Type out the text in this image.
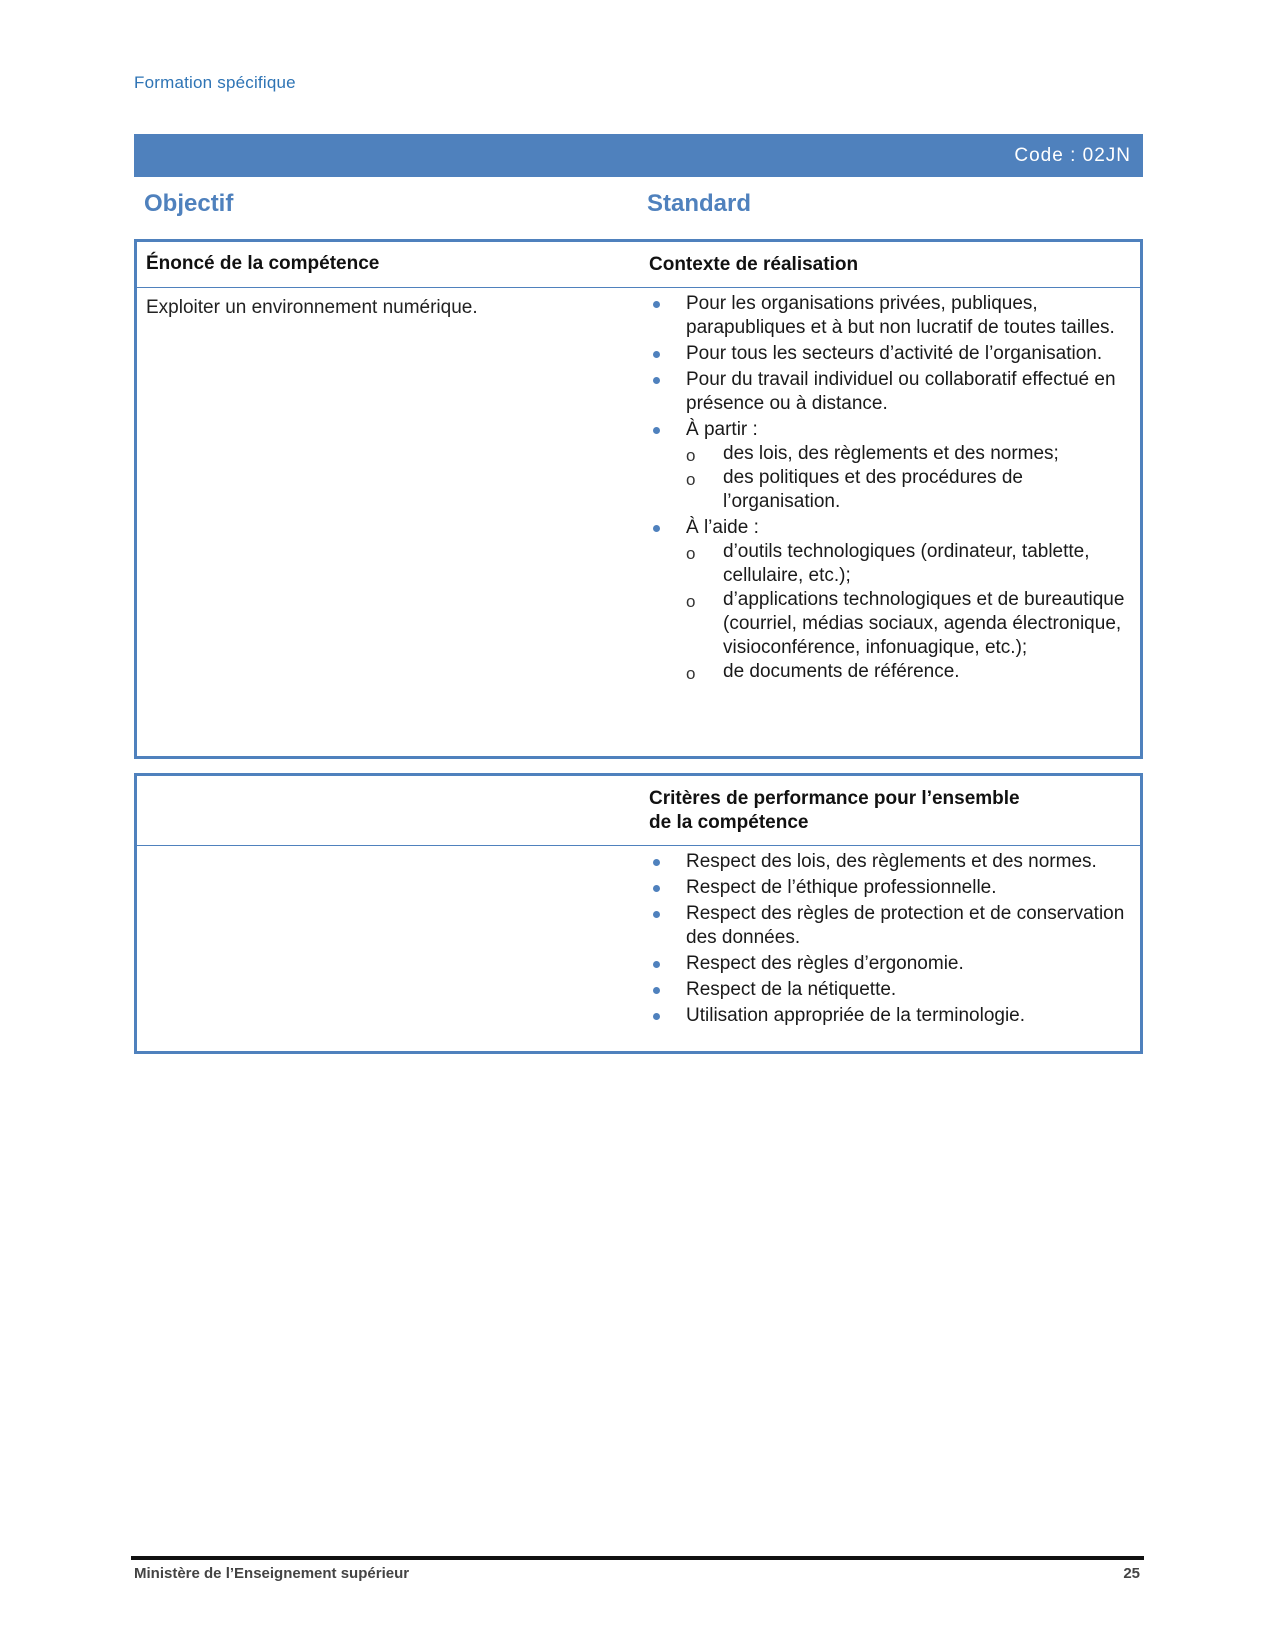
Formation spécifique
Code : 02JN
Objectif	Standard
Énoncé de la compétence	Contexte de réalisation
Exploiter un environnement numérique.	Pour les organisations privées, publiques, parapubliques et à but non lucratif de toutes tailles.
Pour tous les secteurs d’activité de l’organisation.
Pour du travail individuel ou collaboratif effectué en présence ou à distance.
À partir :
o des lois, des règlements et des normes;
o des politiques et des procédures de l’organisation.
À l’aide :
o d’outils technologiques (ordinateur, tablette, cellulaire, etc.);
o d’applications technologiques et de bureautique (courriel, médias sociaux, agenda électronique, visioconférence, infonuagique, etc.);
o de documents de référence.
Critères de performance pour l’ensemble
de la compétence
Respect des lois, des règlements et des normes.
Respect de l’éthique professionnelle.
Respect des règles de protection et de conservation des données.
Respect des règles d’ergonomie.
Respect de la nétiquette.
Utilisation appropriée de la terminologie.
Ministère de l’Enseignement supérieur	25
